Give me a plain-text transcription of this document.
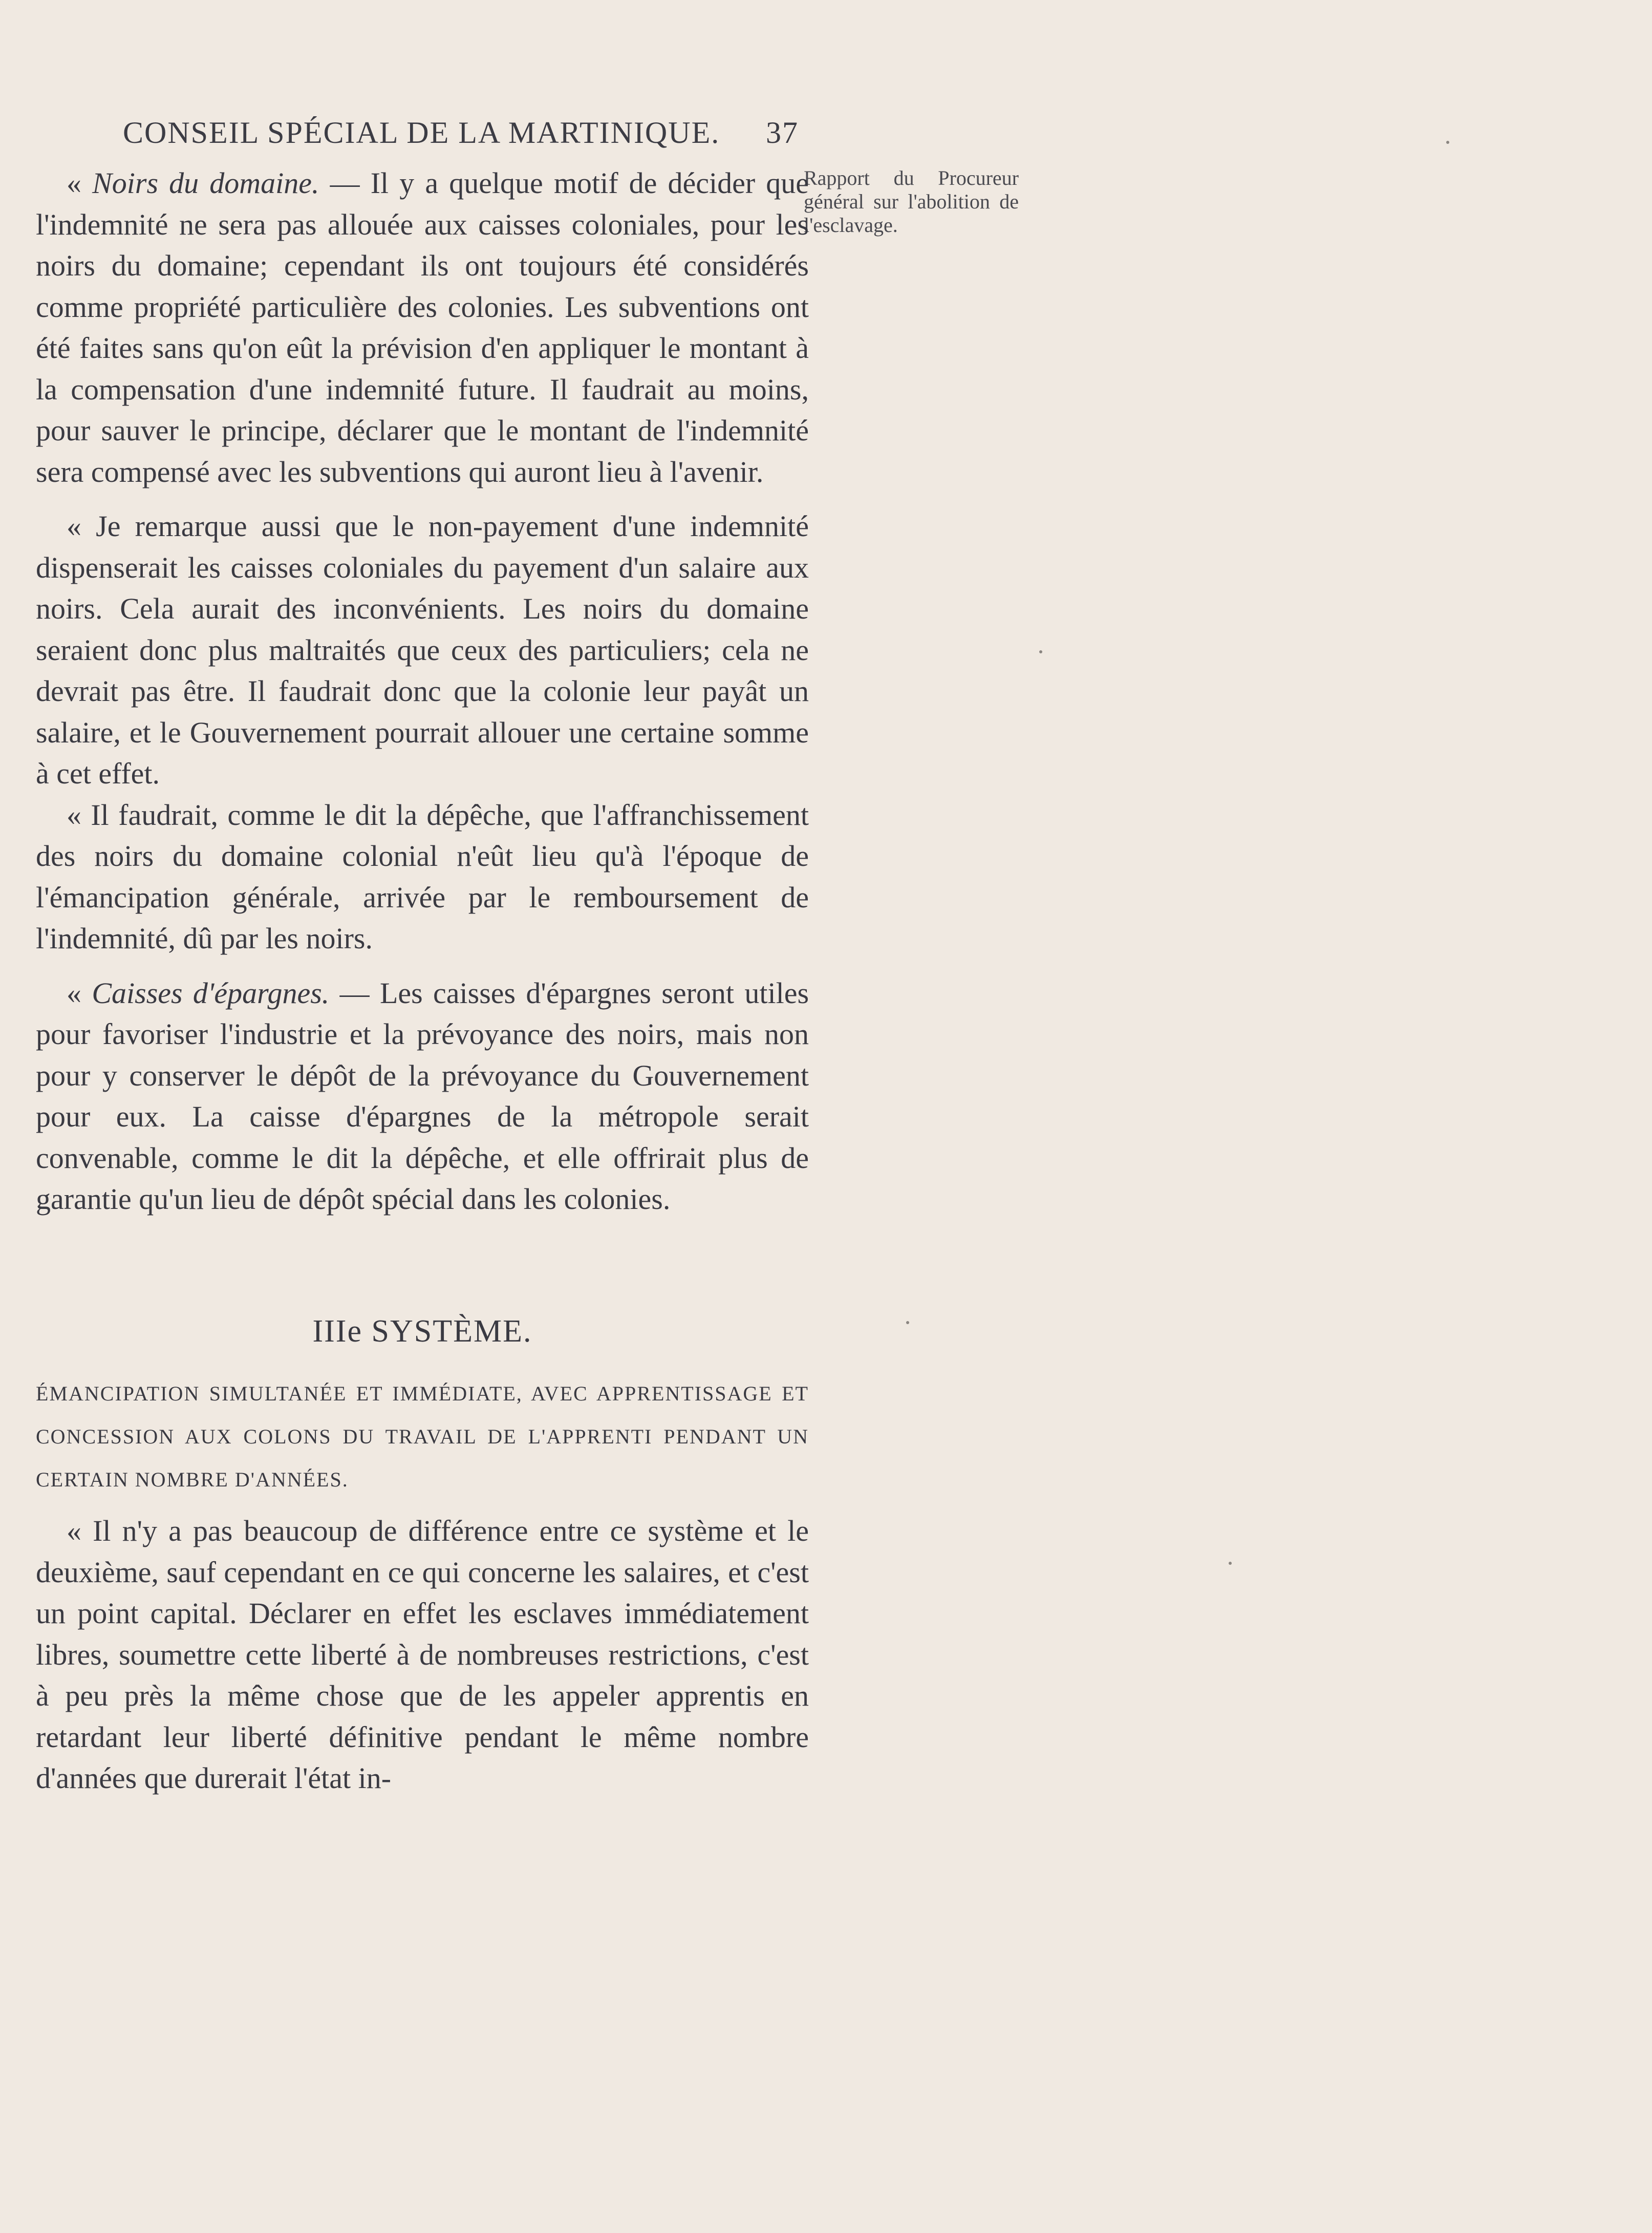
CONSEIL SPÉCIAL DE LA MARTINIQUE. 37
Rapport du Procureur général sur l'abolition de l'esclavage.

« Noirs du domaine. — Il y a quelque motif de décider que l'indemnité ne sera pas allouée aux caisses coloniales, pour les noirs du domaine; cependant ils ont toujours été considérés comme propriété particulière des colonies. Les subventions ont été faites sans qu'on eût la prévision d'en appliquer le montant à la compensation d'une indemnité future. Il faudrait au moins, pour sauver le principe, déclarer que le montant de l'indemnité sera compensé avec les subventions qui auront lieu à l'avenir.

« Je remarque aussi que le non-payement d'une indemnité dispenserait les caisses coloniales du payement d'un salaire aux noirs. Cela aurait des inconvénients. Les noirs du domaine seraient donc plus maltraités que ceux des particuliers; cela ne devrait pas être. Il faudrait donc que la colonie leur payât un salaire, et le Gouvernement pourrait allouer une certaine somme à cet effet.

« Il faudrait, comme le dit la dépêche, que l'affranchissement des noirs du domaine colonial n'eût lieu qu'à l'époque de l'émancipation générale, arrivée par le remboursement de l'indemnité, dû par les noirs.

« Caisses d'épargnes. — Les caisses d'épargnes seront utiles pour favoriser l'industrie et la prévoyance des noirs, mais non pour y conserver le dépôt de la prévoyance du Gouvernement pour eux. La caisse d'épargnes de la métropole serait convenable, comme le dit la dépêche, et elle offrirait plus de garantie qu'un lieu de dépôt spécial dans les colonies.

IIIe SYSTÈME.

ÉMANCIPATION SIMULTANÉE ET IMMÉDIATE, AVEC APPRENTISSAGE ET CONCESSION AUX COLONS DU TRAVAIL DE L'APPRENTI PENDANT UN CERTAIN NOMBRE D'ANNÉES.

« Il n'y a pas beaucoup de différence entre ce système et le deuxième, sauf cependant en ce qui concerne les salaires, et c'est un point capital. Déclarer en effet les esclaves immédiatement libres, soumettre cette liberté à de nombreuses restrictions, c'est à peu près la même chose que de les appeler apprentis en retardant leur liberté définitive pendant le même nombre d'années que durerait l'état in-
